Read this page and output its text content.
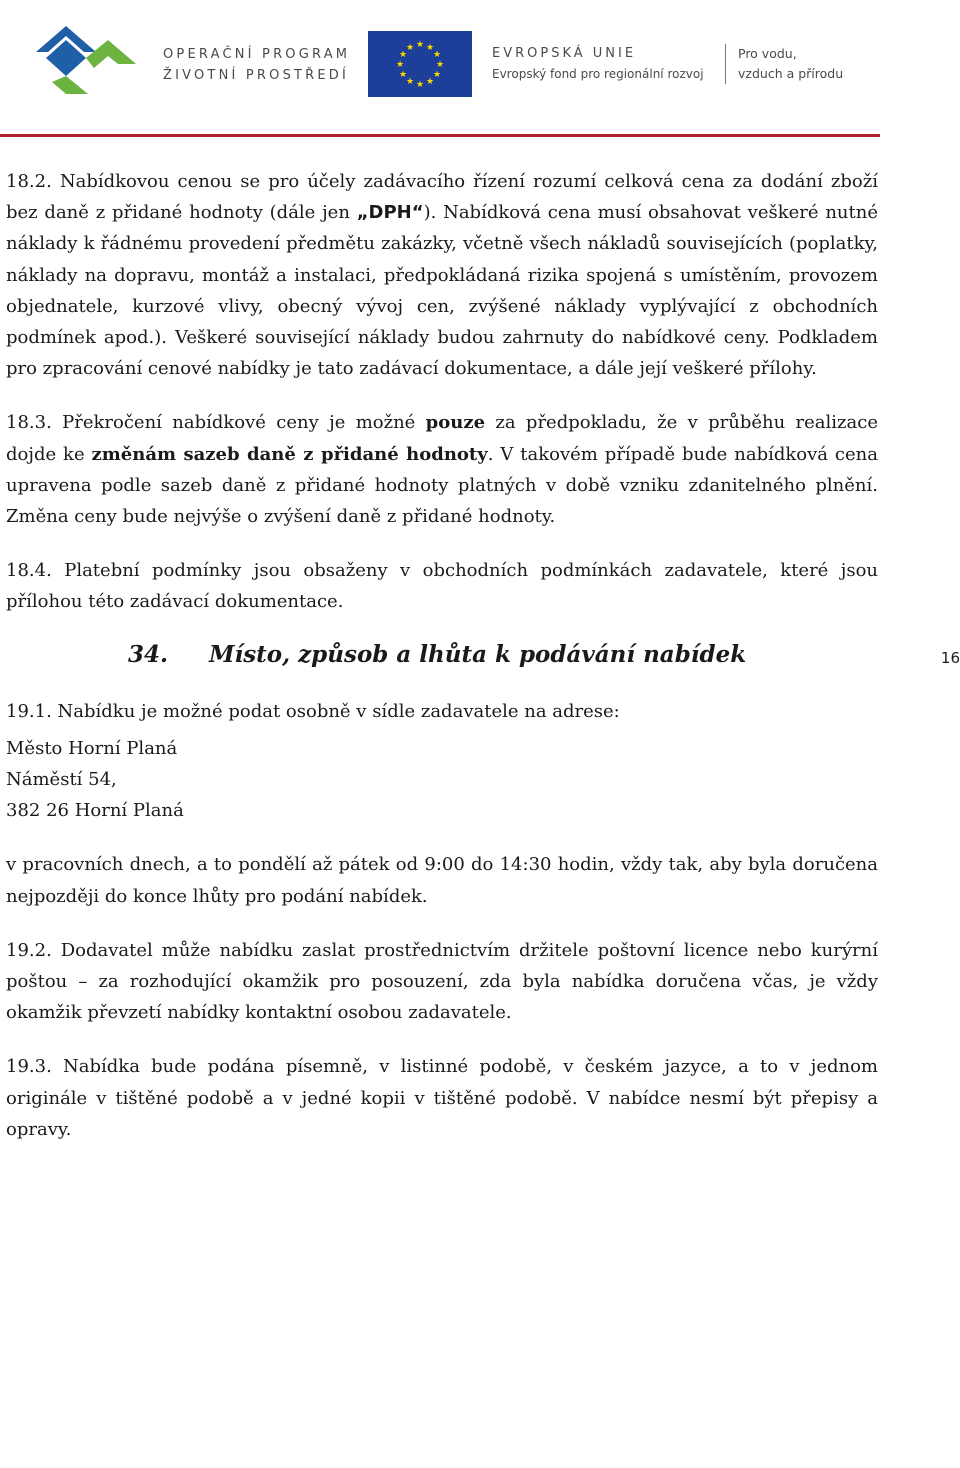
OPERAČNÍ PROGRAM
ŽIVOTNÍ PROSTŘEDÍ
★ ★
★
★
★
★
★
★
★
★
★
★	EVROPSKÁ UNIE
Evropský fond pro regionální rozvoj
Pro vodu,
vzduch a přírodu

18.2. Nabídkovou cenou se pro účely zadávacího řízení rozumí celková cena za dodání zboží bez daně z přidané hodnoty (dále jen „DPH“). Nabídková cena musí obsahovat veškeré nutné náklady k řádnému provedení předmětu zakázky, včetně všech nákladů souvisejících (poplatky, náklady na dopravu, montáž a instalaci, předpokládaná rizika spojená s umístěním, provozem objednatele, kurzové vlivy, obecný vývoj cen, zvýšené náklady vyplývající z obchodních podmínek apod.). Veškeré související náklady budou zahrnuty do nabídkové ceny. Podkladem pro zpracování cenové nabídky je tato zadávací dokumentace, a dále její veškeré přílohy.

18.3. Překročení nabídkové ceny je možné pouze za předpokladu, že v průběhu realizace dojde ke změnám sazeb daně z přidané hodnoty. V takovém případě bude nabídková cena upravena podle sazeb daně z přidané hodnoty platných v době vzniku zdanitelného plnění. Změna ceny bude nejvýše o zvýšení daně z přidané hodnoty.

18.4. Platební podmínky jsou obsaženy v obchodních podmínkách zadavatele, které jsou přílohou této zadávací dokumentace.

34. Místo, způsob a lhůta k podávání nabídek	16

19.1. Nabídku je možné podat osobně v sídle zadavatele na adrese:

Město Horní Planá

Náměstí 54,

382 26 Horní Planá

v pracovních dnech, a to pondělí až pátek od 9:00 do 14:30 hodin, vždy tak, aby byla doručena nejpozději do konce lhůty pro podání nabídek.

19.2. Dodavatel může nabídku zaslat prostřednictvím držitele poštovní licence nebo kurýrní poštou – za rozhodující okamžik pro posouzení, zda byla nabídka doručena včas, je vždy okamžik převzetí nabídky kontaktní osobou zadavatele.

19.3. Nabídka bude podána písemně, v listinné podobě, v českém jazyce, a to v jednom originále v tištěné podobě a v jedné kopii v tištěné podobě. V nabídce nesmí být přepisy a opravy.
